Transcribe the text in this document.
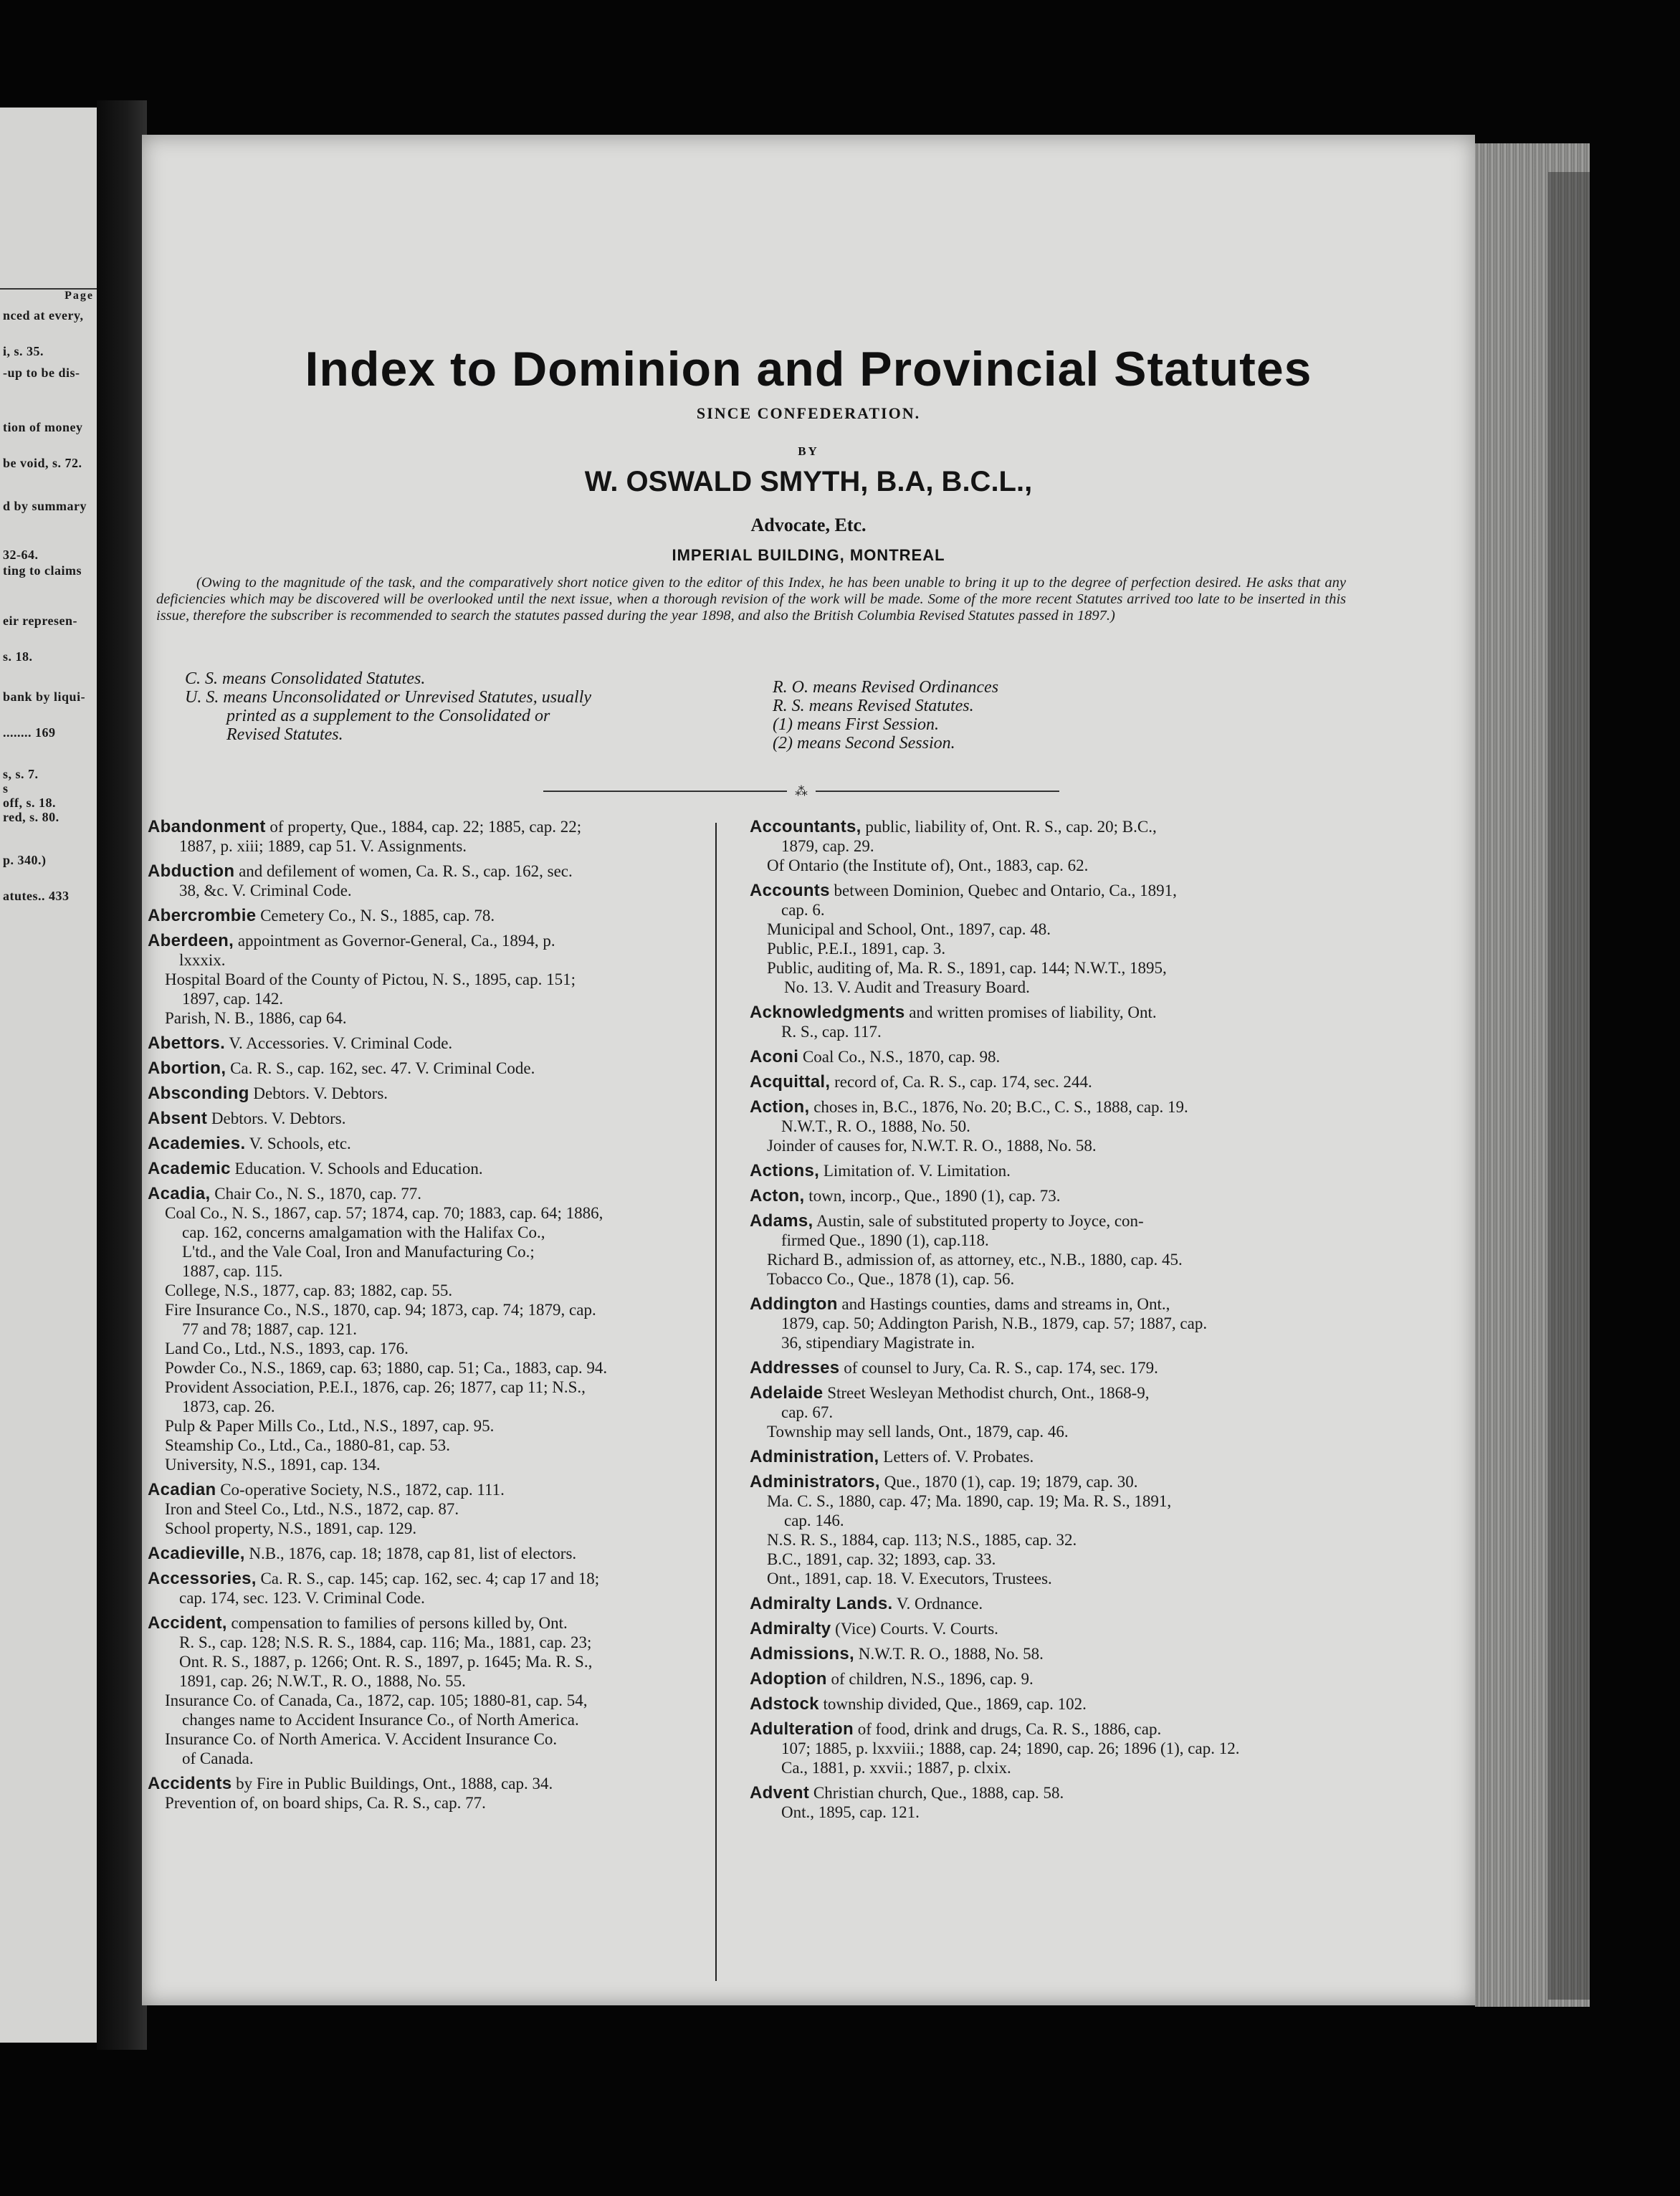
Page
nced at every,
i, s. 35.
-up to be dis-
tion of money
be void, s. 72.
d by summary
32-64.
ting to claims
eir represen-
s. 18.
bank by liqui-
........ 169
s, s. 7.
s
off, s. 18.
red, s. 80.
p. 340.)
atutes.. 433
Index to Dominion and Provincial Statutes
SINCE CONFEDERATION.
BY
W. OSWALD SMYTH, B.A, B.C.L.,
Advocate, Etc.
IMPERIAL BUILDING, MONTREAL
(Owing to the magnitude of the task, and the comparatively short notice given to the editor of this Index, he has been unable to bring it up to the degree of perfection desired. He asks that any deficiencies which may be discovered will be overlooked until the next issue, when a thorough revision of the work will be made. Some of the more recent Statutes arrived too late to be inserted in this issue, therefore the subscriber is recommended to search the statutes passed during the year 1898, and also the British Columbia Revised Statutes passed in 1897.)
C. S. means Consolidated Statutes.
U. S. means Unconsolidated or Unrevised Statutes, usually
printed as a supplement to the Consolidated or
Revised Statutes.
R. O. means Revised Ordinances
R. S. means Revised Statutes.
(1) means First Session.
(2) means Second Session.
⁂
Abandonment of property, Que., 1884, cap. 22; 1885, cap. 22;
1887, p. xiii; 1889, cap 51. V. Assignments.
Abduction and defilement of women, Ca. R. S., cap. 162, sec.
38, &c. V. Criminal Code.
Abercrombie Cemetery Co., N. S., 1885, cap. 78.
Aberdeen, appointment as Governor-General, Ca., 1894, p.
lxxxix.
Hospital Board of the County of Pictou, N. S., 1895, cap. 151;
1897, cap. 142.
Parish, N. B., 1886, cap 64.
Abettors. V. Accessories. V. Criminal Code.
Abortion, Ca. R. S., cap. 162, sec. 47. V. Criminal Code.
Absconding Debtors. V. Debtors.
Absent Debtors. V. Debtors.
Academies. V. Schools, etc.
Academic Education. V. Schools and Education.
Acadia, Chair Co., N. S., 1870, cap. 77.
Coal Co., N. S., 1867, cap. 57; 1874, cap. 70; 1883, cap. 64; 1886,
cap. 162, concerns amalgamation with the Halifax Co.,
L'td., and the Vale Coal, Iron and Manufacturing Co.;
1887, cap. 115.
College, N.S., 1877, cap. 83; 1882, cap. 55.
Fire Insurance Co., N.S., 1870, cap. 94; 1873, cap. 74; 1879, cap.
77 and 78; 1887, cap. 121.
Land Co., Ltd., N.S., 1893, cap. 176.
Powder Co., N.S., 1869, cap. 63; 1880, cap. 51; Ca., 1883, cap. 94.
Provident Association, P.E.I., 1876, cap. 26; 1877, cap 11; N.S.,
1873, cap. 26.
Pulp & Paper Mills Co., Ltd., N.S., 1897, cap. 95.
Steamship Co., Ltd., Ca., 1880-81, cap. 53.
University, N.S., 1891, cap. 134.
Acadian Co-operative Society, N.S., 1872, cap. 111.
Iron and Steel Co., Ltd., N.S., 1872, cap. 87.
School property, N.S., 1891, cap. 129.
Acadieville, N.B., 1876, cap. 18; 1878, cap 81, list of electors.
Accessories, Ca. R. S., cap. 145; cap. 162, sec. 4; cap 17 and 18;
cap. 174, sec. 123. V. Criminal Code.
Accident, compensation to families of persons killed by, Ont.
R. S., cap. 128; N.S. R. S., 1884, cap. 116; Ma., 1881, cap. 23;
Ont. R. S., 1887, p. 1266; Ont. R. S., 1897, p. 1645; Ma. R. S.,
1891, cap. 26; N.W.T., R. O., 1888, No. 55.
Insurance Co. of Canada, Ca., 1872, cap. 105; 1880-81, cap. 54,
changes name to Accident Insurance Co., of North America.
Insurance Co. of North America. V. Accident Insurance Co.
of Canada.
Accidents by Fire in Public Buildings, Ont., 1888, cap. 34.
Prevention of, on board ships, Ca. R. S., cap. 77.
Accountants, public, liability of, Ont. R. S., cap. 20; B.C.,
1879, cap. 29.
Of Ontario (the Institute of), Ont., 1883, cap. 62.
Accounts between Dominion, Quebec and Ontario, Ca., 1891,
cap. 6.
Municipal and School, Ont., 1897, cap. 48.
Public, P.E.I., 1891, cap. 3.
Public, auditing of, Ma. R. S., 1891, cap. 144; N.W.T., 1895,
No. 13. V. Audit and Treasury Board.
Acknowledgments and written promises of liability, Ont.
R. S., cap. 117.
Aconi Coal Co., N.S., 1870, cap. 98.
Acquittal, record of, Ca. R. S., cap. 174, sec. 244.
Action, choses in, B.C., 1876, No. 20; B.C., C. S., 1888, cap. 19.
N.W.T., R. O., 1888, No. 50.
Joinder of causes for, N.W.T. R. O., 1888, No. 58.
Actions, Limitation of. V. Limitation.
Acton, town, incorp., Que., 1890 (1), cap. 73.
Adams, Austin, sale of substituted property to Joyce, con-
firmed Que., 1890 (1), cap.118.
Richard B., admission of, as attorney, etc., N.B., 1880, cap. 45.
Tobacco Co., Que., 1878 (1), cap. 56.
Addington and Hastings counties, dams and streams in, Ont.,
1879, cap. 50; Addington Parish, N.B., 1879, cap. 57; 1887, cap.
36, stipendiary Magistrate in.
Addresses of counsel to Jury, Ca. R. S., cap. 174, sec. 179.
Adelaide Street Wesleyan Methodist church, Ont., 1868-9,
cap. 67.
Township may sell lands, Ont., 1879, cap. 46.
Administration, Letters of. V. Probates.
Administrators, Que., 1870 (1), cap. 19; 1879, cap. 30.
Ma. C. S., 1880, cap. 47; Ma. 1890, cap. 19; Ma. R. S., 1891,
cap. 146.
N.S. R. S., 1884, cap. 113; N.S., 1885, cap. 32.
B.C., 1891, cap. 32; 1893, cap. 33.
Ont., 1891, cap. 18. V. Executors, Trustees.
Admiralty Lands. V. Ordnance.
Admiralty (Vice) Courts. V. Courts.
Admissions, N.W.T. R. O., 1888, No. 58.
Adoption of children, N.S., 1896, cap. 9.
Adstock township divided, Que., 1869, cap. 102.
Adulteration of food, drink and drugs, Ca. R. S., 1886, cap.
107; 1885, p. lxxviii.; 1888, cap. 24; 1890, cap. 26; 1896 (1), cap. 12.
Ca., 1881, p. xxvii.; 1887, p. clxix.
Advent Christian church, Que., 1888, cap. 58.
Ont., 1895, cap. 121.
